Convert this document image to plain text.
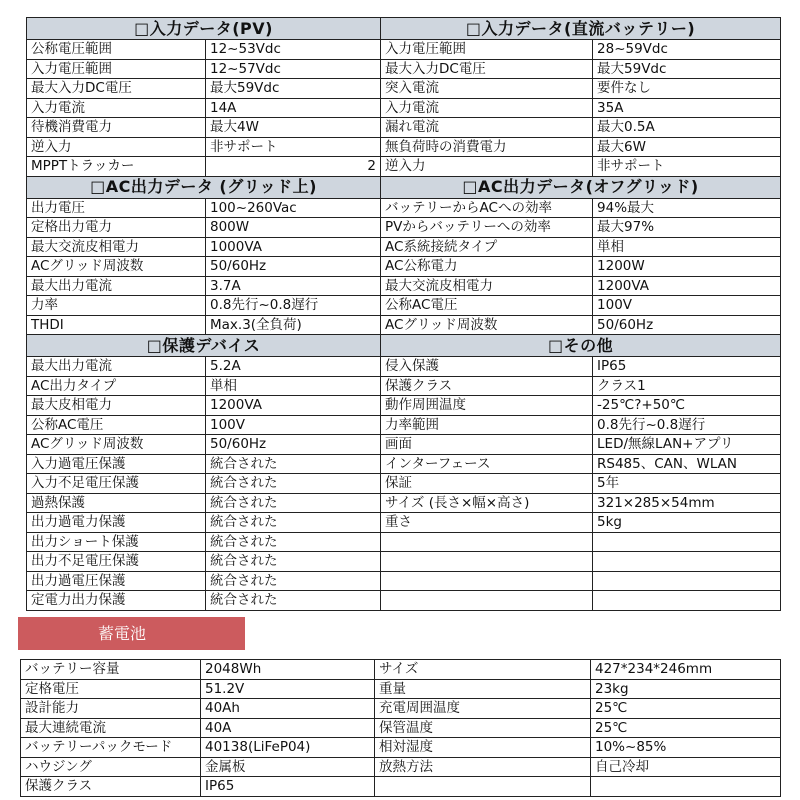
□入力データ(PV)		□入力データ(直流バッテリー)	
公称電圧範囲	12~53Vdc	入力電圧範囲	28~59Vdc
入力電圧範囲	12~57Vdc	最大入力DC電圧	最大59Vdc
最大入力DC電圧	最大59Vdc	突入電流	要件なし
入力電流	14A	入力電流	35A
待機消費電力	最大4W	漏れ電流	最大0.5A
逆入力	非サポート	無負荷時の消費電力	最大6W
MPPTトラッカー	2	逆入力	非サポート
□AC出力データ (グリッド上)		□AC出力データ(オフグリッド)	
出力電圧	100~260Vac	バッテリーからACへの効率	94%最大
定格出力電力	800W	PVからバッテリーへの効率	最大97%
最大交流皮相電力	1000VA	AC系統接続タイプ	単相
ACグリッド周波数	50/60Hz	AC公称電力	1200W
最大出力電流	3.7A	最大交流皮相電力	1200VA
力率	0.8先行~0.8遅行	公称AC電圧	100V
THDI	Max.3(全負荷)	ACグリッド周波数	50/60Hz
□保護デバイス		□その他	
最大出力電流	5.2A	侵入保護	IP65
AC出力タイプ	単相	保護クラス	クラス1
最大皮相電力	1200VA	動作周囲温度	-25℃?+50℃
公称AC電圧	100V	力率範囲	0.8先行~0.8遅行
ACグリッド周波数	50/60Hz	画面	LED/無線LAN+アプリ
入力過電圧保護	統合された	インターフェース	RS485、CAN、WLAN
入力不足電圧保護	統合された	保証	5年
過熱保護	統合された	サイズ (長さ×幅×高さ)	321×285×54mm
出力過電力保護	統合された	重さ	5kg
出力ショート保護	統合された		
出力不足電圧保護	統合された		
出力過電圧保護	統合された		
定電力出力保護	統合された		
蓄電池
バッテリー容量	2048Wh	サイズ	427*234*246mm
定格電圧	51.2V	重量	23kg
設計能力	40Ah	充電周囲温度	25℃
最大連続電流	40A	保管温度	25℃
バッテリーパックモード	40138(LiFeP04)	相対湿度	10%~85%
ハウジング	金属板	放熱方法	自己冷却
保護クラス	IP65		
